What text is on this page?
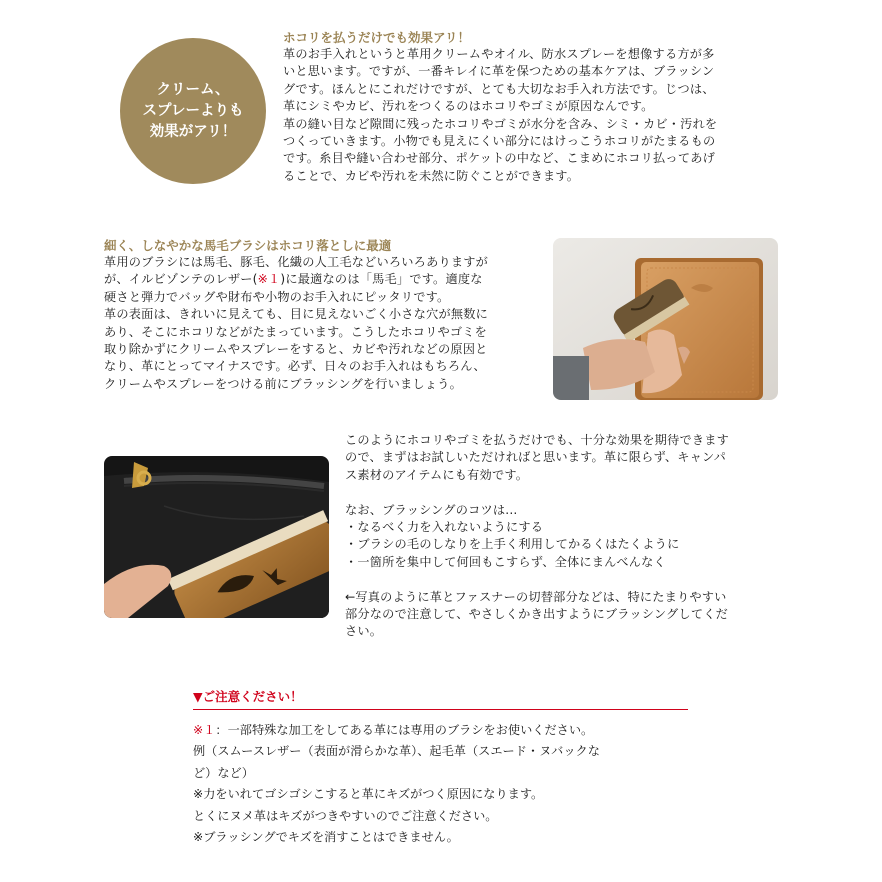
クリーム、
スプレーよりも
効果がアリ！
ホコリを払うだけでも効果アリ！
革のお手入れというと革用クリームやオイル、防水スプレーを想像する方が多
いと思います。ですが、一番キレイに革を保つための基本ケアは、ブラッシン
グです。ほんとにこれだけですが、とても大切なお手入れ方法です。じつは、
革にシミやカビ、汚れをつくるのはホコリやゴミが原因なんです。
革の縫い目など隙間に残ったホコリやゴミが水分を含み、シミ・カビ・汚れを
つくっていきます。小物でも見えにくい部分にはけっこうホコリがたまるもの
です。糸目や縫い合わせ部分、ポケットの中など、こまめにホコリ払ってあげ
ることで、カビや汚れを未然に防ぐことができます。
細く、しなやかな馬毛ブラシはホコリ落としに最適
革用のブラシには馬毛、豚毛、化繊の人工毛などいろいろありますが
が、イルビゾンテのレザー(※１)に最適なのは「馬毛」です。適度な
硬さと弾力でバッグや財布や小物のお手入れにピッタリです。
革の表面は、きれいに見えても、目に見えないごく小さな穴が無数に
あり、そこにホコリなどがたまっています。こうしたホコリやゴミを
取り除かずにクリームやスプレーをすると、カビや汚れなどの原因と
なり、革にとってマイナスです。必ず、日々のお手入れはもちろん、
クリームやスプレーをつける前にブラッシングを行いましょう。
このようにホコリやゴミを払うだけでも、十分な効果を期待できます
ので、まずはお試しいただければと思います。革に限らず、キャンパ
ス素材のアイテムにも有効です。

なお、ブラッシングのコツは...
・なるべく力を入れないようにする
・ブラシの毛のしなりを上手く利用してかるくはたくように
・一箇所を集中して何回もこすらず、全体にまんべんなく

←写真のように革とファスナーの切替部分などは、特にたまりやすい
部分なので注意して、やさしくかき出すようにブラッシングしてくだ
さい。
▼ご注意ください！
※１：一部特殊な加工をしてある革には専用のブラシをお使いください。
例（スムースレザー（表面が滑らかな革）、起毛革（スエード・ヌバックな
ど）など）
※力をいれてゴシゴシこすると革にキズがつく原因になります。
とくにヌメ革はキズがつきやすいのでご注意ください。
※ブラッシングでキズを消すことはできません。
